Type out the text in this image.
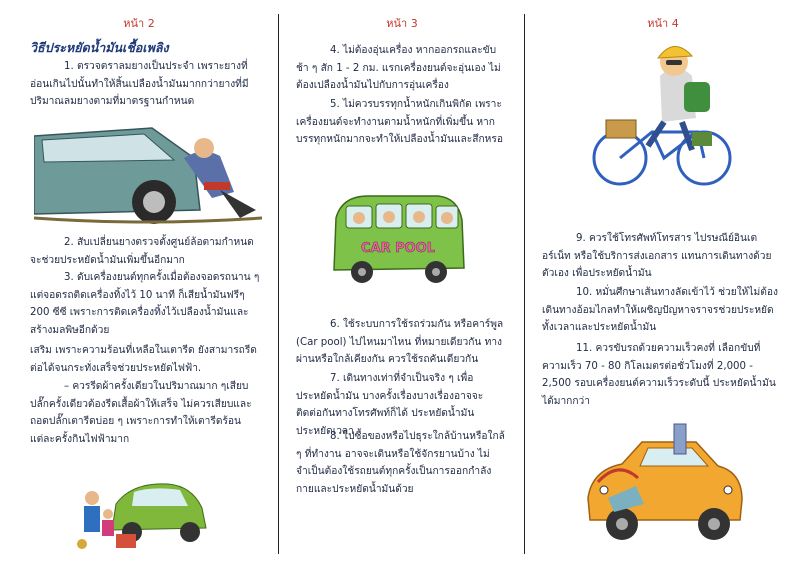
หน้า 2
วิธีประหยัดน้ำมันเชื้อเพลิง

1. ตรวจตราลมยางเป็นประจำ เพราะยางที่อ่อนเกินไปนั้นทำให้สิ้นเปลืองน้ำมันมากกว่ายางที่มีปริมาณลมยางตามที่มาตรฐานกำหนด

2. สับเปลี่ยนยางตรวจตั้งศูนย์ล้อตามกำหนดจะช่วยประหยัดน้ำมันเพิ่มขึ้นอีกมาก

3. ดับเครื่องยนต์ทุกครั้งเมื่อต้องจอดรถนาน ๆ แต่จอดรถติดเครื่องทิ้งไว้ 10 นาที ก็เสียน้ำมันฟรีๆ 200 ซีซี เพราะการติดเครื่องทิ้งไว้เปลืองน้ำมันและสร้างมลพิษอีกด้วย

เสริม เพราะความร้อนที่เหลือในเตารีด ยังสามารถรีดต่อได้จนกระทั่งเสร็จช่วยประหยัดไฟฟ้า.

– ควรรีดผ้าครั้งเดียวในปริมาณมาก ๆเสียบปลั๊กครั้งเดียวต้องรีดเสื้อผ้าให้เสร็จ ไม่ควรเสียบและถอดปลั๊กเตารีดบ่อย ๆ เพราะการทำให้เตารีดร้อนแต่ละครั้งกินไฟฟ้ามาก

หน้า 3

4. ไม่ต้องอุ่นเครื่อง หากออกรถและขับช้า ๆ สัก 1 - 2 กม. แรกเครื่องยนต์จะอุ่นเอง ไม่ต้องเปลืองน้ำมันไปกับการอุ่นเครื่อง

5. ไม่ควรบรรทุกน้ำหนักเกินพิกัด เพราะเครื่องยนต์จะทำงานตามน้ำหนักที่เพิ่มขึ้น หากบรรทุกหนักมากจะทำให้เปลืองน้ำมันและสึกหรอ

CAR POOL

6. ใช้ระบบการใช้รถร่วมกัน หรือคาร์พูล (Car pool) ไปไหนมาไหน ที่หมายเดียวกัน ทางผ่านหรือใกล้เคียงกัน ควรใช้รถคันเดียวกัน

7. เดินทางเท่าที่จำเป็นจริง ๆ เพื่อประหยัดน้ำมัน บางครั้งเรื่องบางเรื่องอาจจะติดต่อกันทางโทรศัพท์ก็ได้ ประหยัดน้ำมัน ประหยัดเวลา

8. ไปซื้อของหรือไปธุระใกล้บ้านหรือใกล้ ๆ ที่ทำงาน อาจจะเดินหรือใช้จักรยานบ้าง ไม่จำเป็นต้องใช้รถยนต์ทุกครั้งเป็นการออกกำลังกายและประหยัดน้ำมันด้วย

หน้า 4

9. ควรใช้โทรศัพท์โทรสาร ไปรษณีย์อินเตอร์เน็ท หรือใช้บริการส่งเอกสาร แทนการเดินทางด้วยตัวเอง เพื่อประหยัดน้ำมัน

10. หมั่นศึกษาเส้นทางลัดเข้าไว้ ช่วยให้ไม่ต้องเดินทางอ้อมไกลทำให้เผชิญปัญหาจราจรช่วยประหยัดทั้งเวลาและประหยัดน้ำมัน

11. ควรขับรถด้วยความเร็วคงที่ เลือกขับที่ความเร็ว 70 - 80 กิโลเมตรต่อชั่วโมงที่ 2,000 - 2,500 รอบเครื่องยนต์ความเร็วระดับนี้ ประหยัดน้ำมันได้มากกว่า
